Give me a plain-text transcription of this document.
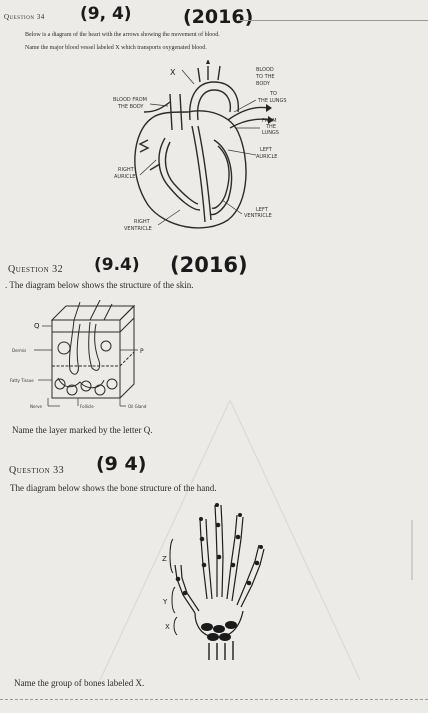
Question 34 (9, 4)	(2016)
Below is a diagram of the heart with the arrows showing the movement of blood.
Name the major blood vessel labeled X which transports oxygenated blood.
X	BLOOD
TO THE
BODY
BLOOD FROM
THE BODY
TO
THE LUNGS
FROM
THE
LUNGS
LEFT
AURICLE
RIGHT
AURICLE
LEFT
VENTRICLE
RIGHT
VENTRICLE
Question 32 (9.4) (2016)
. The diagram below shows the structure of the skin.
Q
Dermis	P
Fatty Tissue
Nerve	Follicle	Oil Gland
Name the layer marked by the letter Q.
Question 33 (9 4)
The diagram below shows the bone structure of the hand.
Z
Y
X
Name the group of bones labeled X.
